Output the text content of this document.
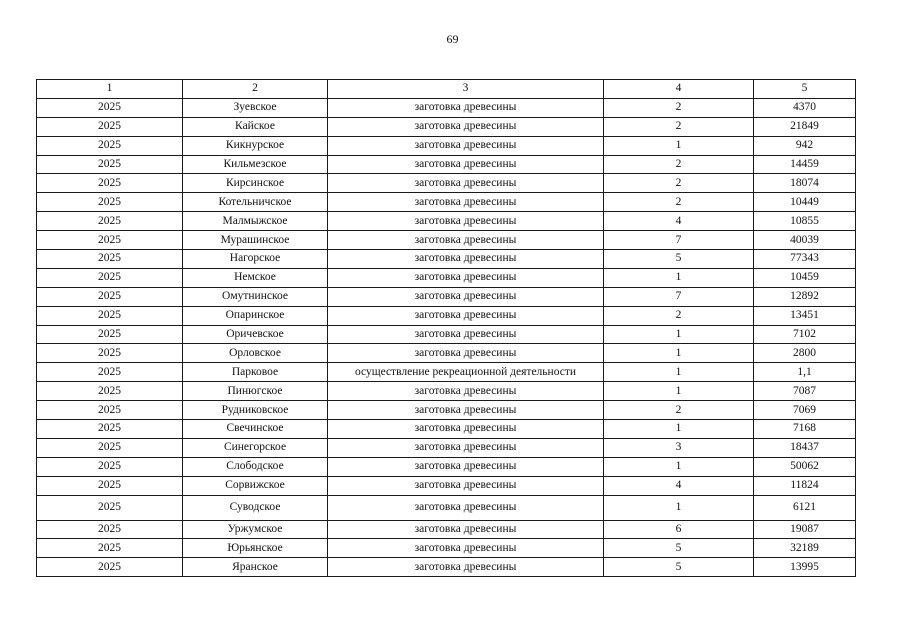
69
1	2	3	4	5
2025	Зуевское	заготовка древесины	2	4370
2025	Кайское	заготовка древесины	2	21849
2025	Кикнурское	заготовка древесины	1	942
2025	Кильмезское	заготовка древесины	2	14459
2025	Кирсинское	заготовка древесины	2	18074
2025	Котельничское	заготовка древесины	2	10449
2025	Малмыжское	заготовка древесины	4	10855
2025	Мурашинское	заготовка древесины	7	40039
2025	Нагорское	заготовка древесины	5	77343
2025	Немское	заготовка древесины	1	10459
2025	Омутнинское	заготовка древесины	7	12892
2025	Опаринское	заготовка древесины	2	13451
2025	Оричевское	заготовка древесины	1	7102
2025	Орловское	заготовка древесины	1	2800
2025	Парковое	осуществление рекреационной деятельности	1	1,1
2025	Пинюгское	заготовка древесины	1	7087
2025	Рудниковское	заготовка древесины	2	7069
2025	Свечинское	заготовка древесины	1	7168
2025	Синегорское	заготовка древесины	3	18437
2025	Слободское	заготовка древесины	1	50062
2025	Сорвижское	заготовка древесины	4	11824
2025	Суводское	заготовка древесины	1	6121
2025	Уржумское	заготовка древесины	6	19087
2025	Юрьянское	заготовка древесины	5	32189
2025	Яранское	заготовка древесины	5	13995
